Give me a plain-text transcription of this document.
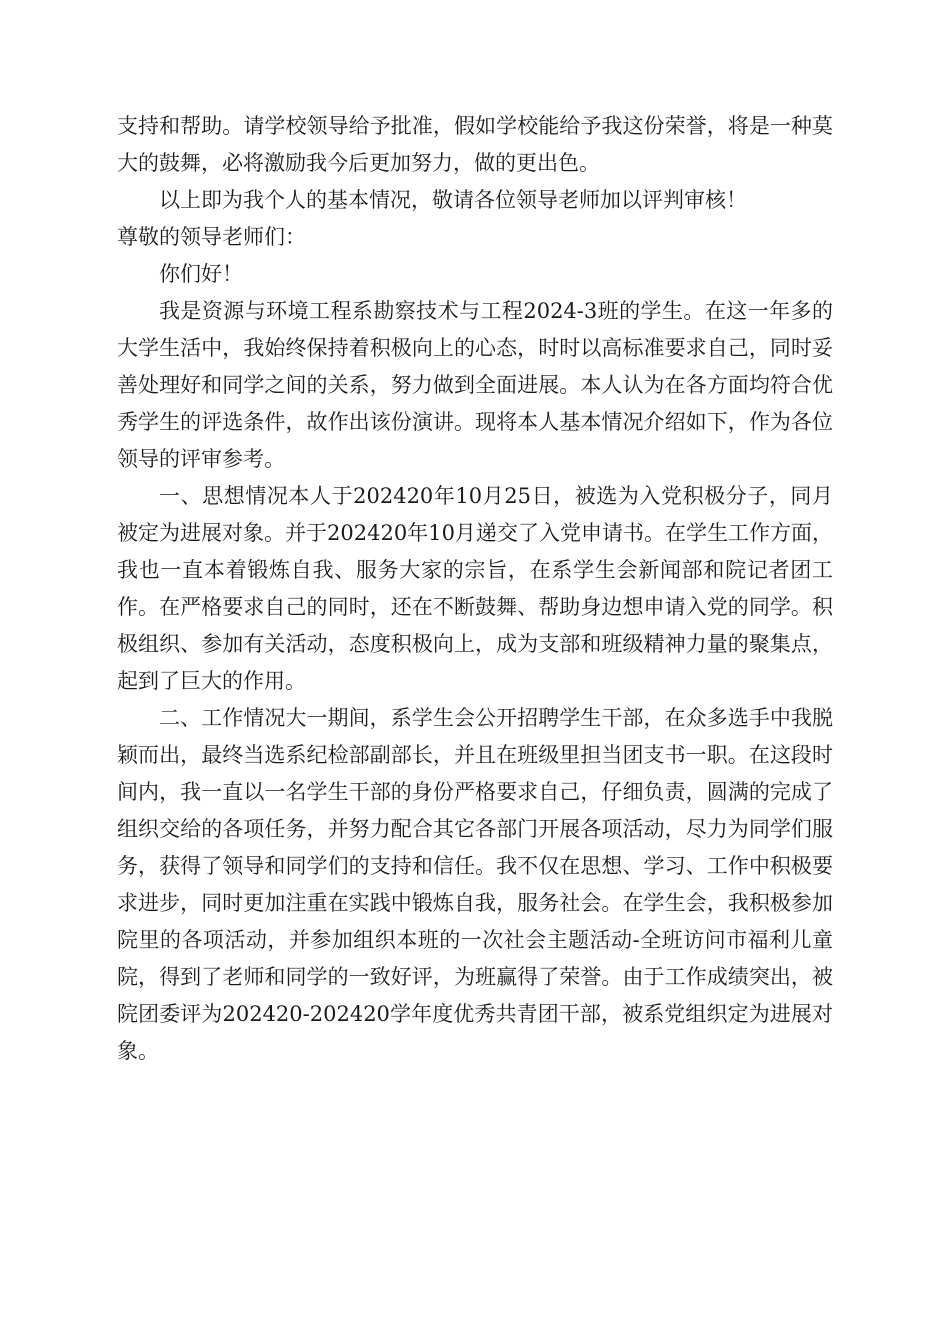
支持和帮助。请学校领导给予批准，假如学校能给予我这份荣誉，将是一种莫大的鼓舞，必将激励我今后更加努力，做的更出色。

以上即为我个人的基本情况，敬请各位领导老师加以评判审核！

尊敬的领导老师们：

你们好！

我是资源与环境工程系勘察技术与工程2024-3班的学生。在这一年多的大学生活中，我始终保持着积极向上的心态，时时以高标准要求自己，同时妥善处理好和同学之间的关系，努力做到全面进展。本人认为在各方面均符合优秀学生的评选条件，故作出该份演讲。现将本人基本情况介绍如下，作为各位领导的评审参考。

一、思想情况本人于202420年10月25日，被选为入党积极分子，同月被定为进展对象。并于202420年10月递交了入党申请书。在学生工作方面，我也一直本着锻炼自我、服务大家的宗旨，在系学生会新闻部和院记者团工作。在严格要求自己的同时，还在不断鼓舞、帮助身边想申请入党的同学。积极组织、参加有关活动，态度积极向上，成为支部和班级精神力量的聚集点，起到了巨大的作用。

二、工作情况大一期间，系学生会公开招聘学生干部，在众多选手中我脱颖而出，最终当选系纪检部副部长，并且在班级里担当团支书一职。在这段时间内，我一直以一名学生干部的身份严格要求自己，仔细负责，圆满的完成了组织交给的各项任务，并努力配合其它各部门开展各项活动，尽力为同学们服务，获得了领导和同学们的支持和信任。我不仅在思想、学习、工作中积极要求进步，同时更加注重在实践中锻炼自我，服务社会。在学生会，我积极参加院里的各项活动，并参加组织本班的一次社会主题活动-全班访问市福利儿童院，得到了老师和同学的一致好评，为班赢得了荣誉。由于工作成绩突出，被院团委评为202420-202420学年度优秀共青团干部，被系党组织定为进展对象。
